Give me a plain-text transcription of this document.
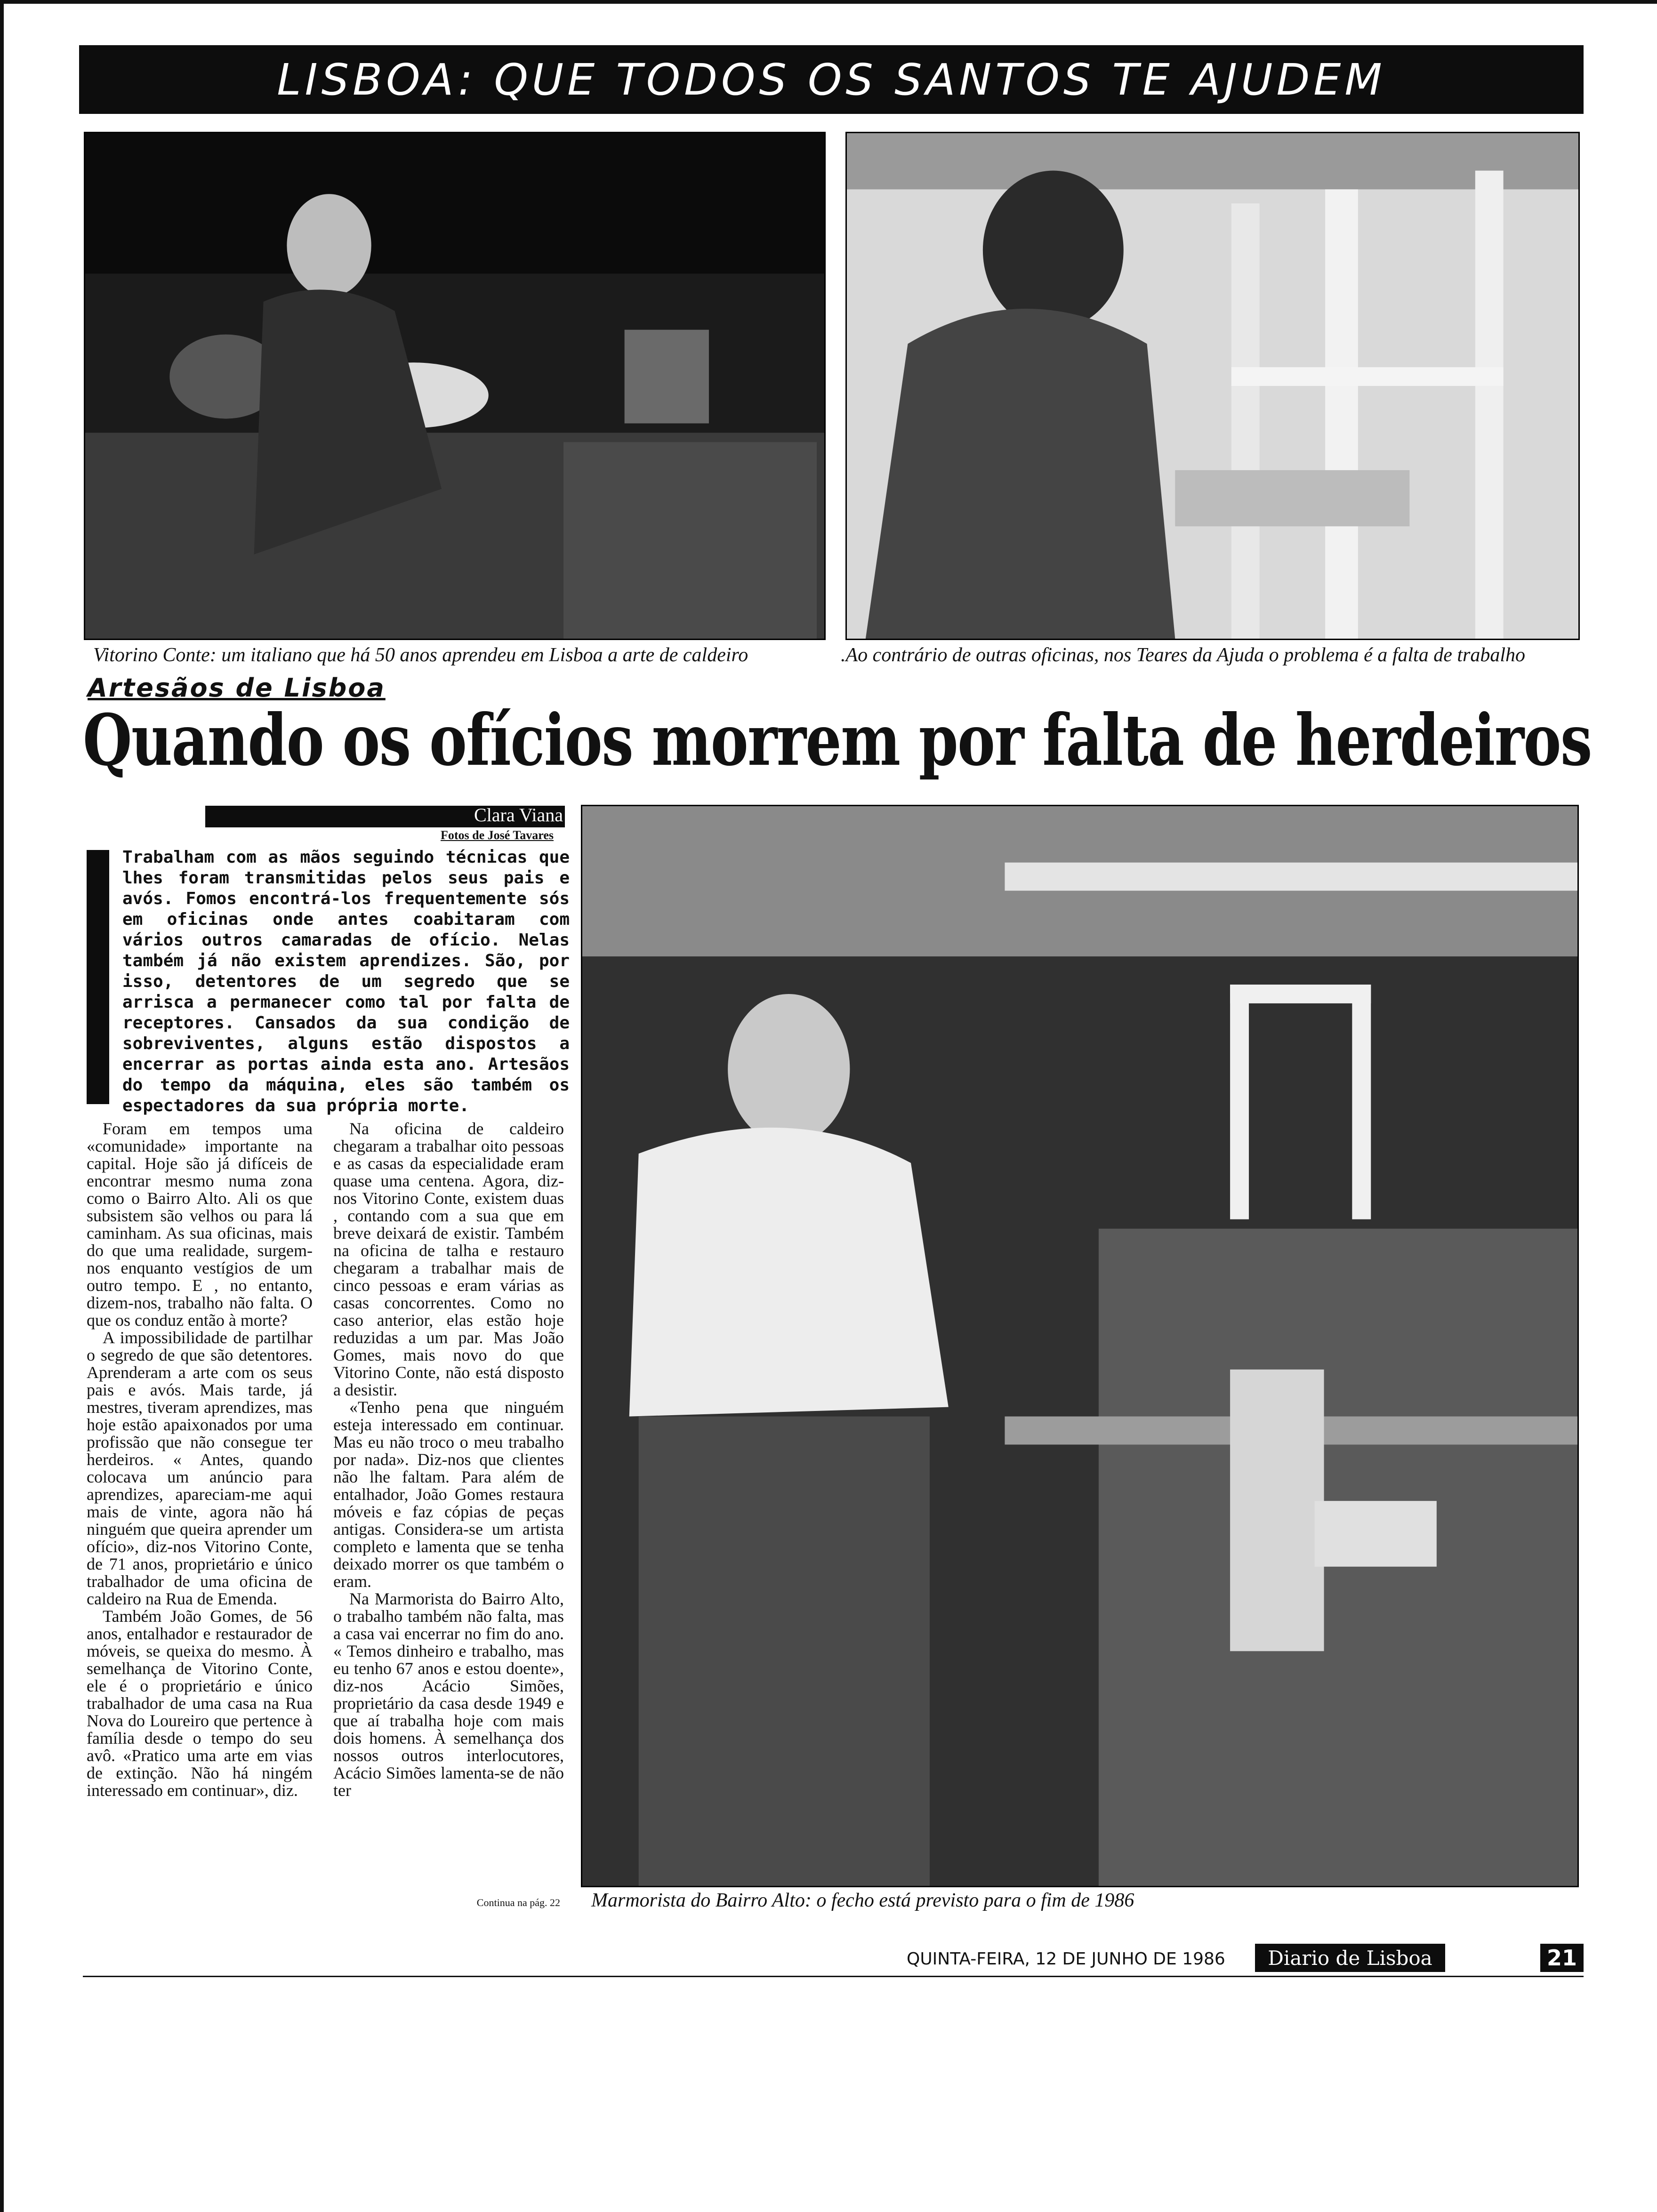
LISBOA: QUE TODOS OS SANTOS TE AJUDEM
Vitorino Conte: um italiano que há 50 anos aprendeu em Lisboa a arte de caldeiro	.Ao contrário de outras oficinas, nos Teares da Ajuda o problema é a falta de trabalho
Artesãos de Lisboa
Quando os ofícios morrem por falta de herdeiros
Clara Viana
Fotos de José Tavares

Trabalham com as mãos seguindo técnicas que lhes foram transmitidas pelos seus pais e avós. Fomos encontrá-los frequentemente sós em oficinas onde antes coabitaram com vários outros camaradas de ofício. Nelas também já não existem aprendizes. São, por isso, detentores de um segredo que se arrisca a permanecer como tal por falta de receptores. Cansados da sua condição de sobreviventes, alguns estão dispostos a encerrar as portas ainda esta ano. Artesãos do tempo da máquina, eles são também os espectadores da sua própria morte.

Foram em tempos uma «comunidade» importante na capital. Hoje são já difíceis de encontrar mesmo numa zona como o Bairro Alto. Ali os que subsistem são velhos ou para lá caminham. As sua oficinas, mais do que uma realidade, surgem-nos enquanto vestígios de um outro tempo. E , no entanto, dizem-nos, trabalho não falta. O que os conduz então à morte?

A impossibilidade de partilhar o segredo de que são detentores. Aprenderam a arte com os seus pais e avós. Mais tarde, já mestres, tiveram aprendizes, mas hoje estão apaixonados por uma profissão que não consegue ter herdeiros. « Antes, quando colocava um anúncio para aprendizes, apareciam-me aqui mais de vinte, agora não há ninguém que queira aprender um ofício», diz-nos Vitorino Conte, de 71 anos, proprietário e único trabalhador de uma oficina de caldeiro na Rua de Emenda.

Também João Gomes, de 56 anos, entalhador e restaurador de móveis, se queixa do mesmo. À semelhança de Vitorino Conte, ele é o proprietário e único trabalhador de uma casa na Rua Nova do Loureiro que pertence à família desde o tempo do seu avô. «Pratico uma arte em vias de extinção. Não há ningém interessado em continuar», diz.

Na oficina de caldeiro chegaram a trabalhar oito pessoas e as casas da especialidade eram quase uma centena. Agora, diz-nos Vitorino Conte, existem duas , contando com a sua que em breve deixará de existir. Também na oficina de talha e restauro chegaram a trabalhar mais de cinco pessoas e eram várias as casas concorrentes. Como no caso anterior, elas estão hoje reduzidas a um par. Mas João Gomes, mais novo do que Vitorino Conte, não está disposto a desistir.

«Tenho pena que ninguém esteja interessado em continuar. Mas eu não troco o meu trabalho por nada». Diz-nos que clientes não lhe faltam. Para além de entalhador, João Gomes restaura móveis e faz cópias de peças antigas. Considera-se um artista completo e lamenta que se tenha deixado morrer os que também o eram.

Na Marmorista do Bairro Alto, o trabalho também não falta, mas a casa vai encerrar no fim do ano. « Temos dinheiro e trabalho, mas eu tenho 67 anos e estou doente», diz-nos Acácio Simões, proprietário da casa desde 1949 e que aí trabalha hoje com mais dois homens. À semelhança dos nossos outros interlocutores, Acácio Simões lamenta-se de não ter

Continua na pág. 22 Marmorista do Bairro Alto: o fecho está previsto para o fim de 1986
QUINTA-FEIRA, 12 DE JUNHO DE 1986 Diario de Lisboa	21
